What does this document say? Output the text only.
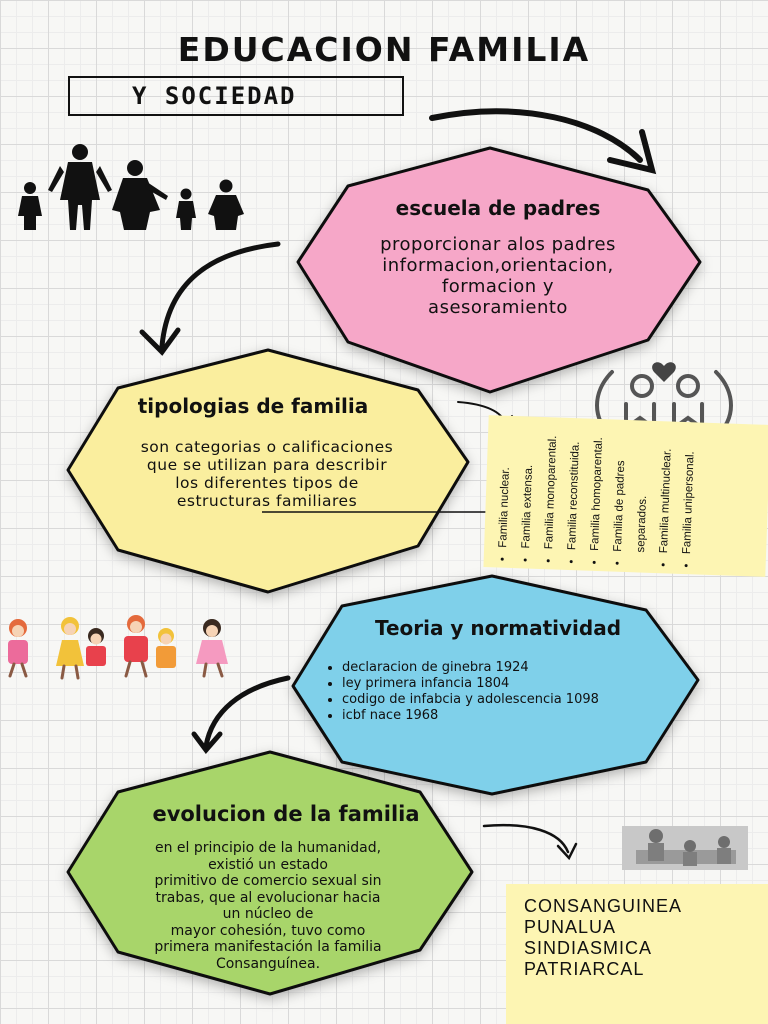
EDUCACION FAMILIA
Y SOCIEDAD

escuela de padres

proporcionar alos padres
informacion,orientacion,
formacion y
asesoramiento

tipologias de familia

son categorias o calificaciones
que se utilizan para describir
los diferentes tipos de
estructuras familiares	• Familia nuclear. • Familia extensa. • Familia monoparental. • Familia reconstituida. • Familia homoparental. • Familia de padres separados. • Familia multinuclear. • Familia unipersonal.

Teoria y normatividad

• declaracion de ginebra 1924
• ley primera infancia 1804
• codigo de infabcia y adolescencia 1098
• icbf nace 1968

evolucion de la familia

en el principio de la humanidad,
existió un estado
primitivo de comercio sexual sin
trabas, que al evolucionar hacia
un núcleo de
mayor cohesión, tuvo como
primera manifestación la familia
Consanguínea.

CONSANGUINEA

PUNALUA

SINDIASMICA

PATRIARCAL
